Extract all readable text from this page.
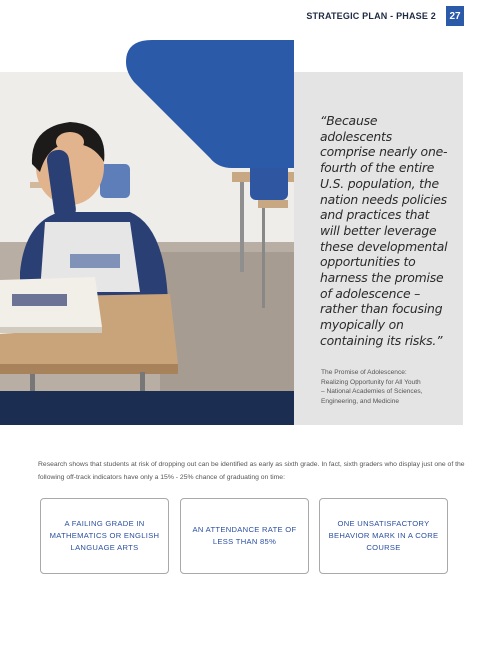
STRATEGIC PLAN - PHASE 2	27
“Because adolescents comprise nearly one-fourth of the entire U.S. population, the nation needs policies and practices that will better leverage these developmental opportunities to harness the promise of adolescence – rather than focusing myopically on containing its risks.”
The Promise of Adolescence:
Realizing Opportunity for All Youth
– National Academies of Sciences,
Engineering, and Medicine
Research shows that students at risk of dropping out can be identified as early as sixth grade. In fact, sixth graders who display just one of the following off-track indicators have only a 15% - 25% chance of graduating on time:
A FAILING GRADE IN MATHEMATICS OR ENGLISH LANGUAGE ARTS
AN ATTENDANCE RATE OF LESS THAN 85%
ONE UNSATISFACTORY BEHAVIOR MARK IN A CORE COURSE
